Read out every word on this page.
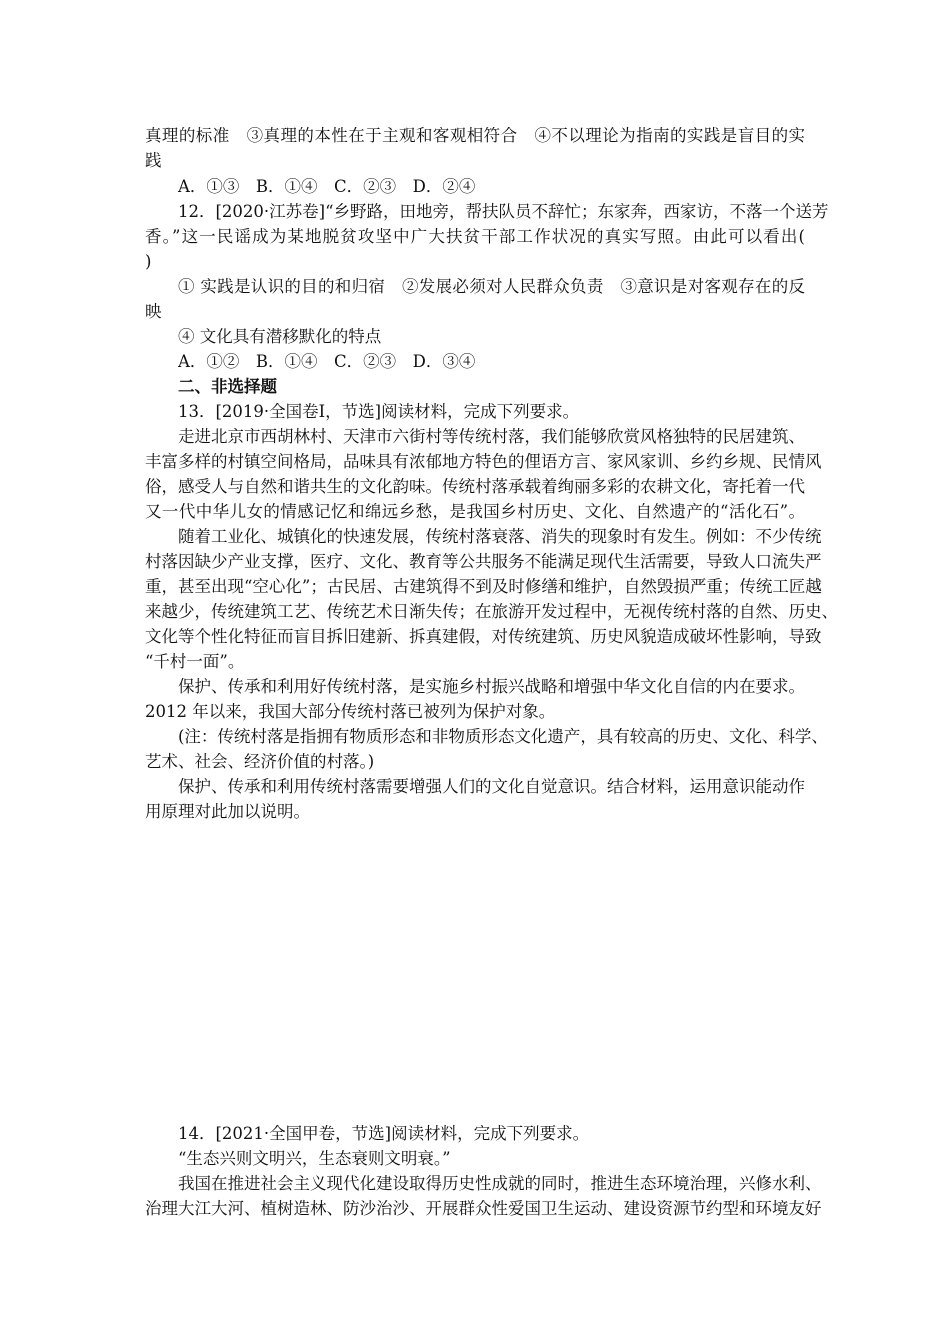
真理的标准　③真理的本性在于主观和客观相符合　④不以理论为指南的实践是盲目的实
践
A．①③　B．①④　C．②③　D．②④
12．[2020·江苏卷]“乡野路，田地旁，帮扶队员不辞忙；东家奔，西家访，不落一个送芳
香。”这一民谣成为某地脱贫攻坚中广大扶贫干部工作状况的真实写照。由此可以看出(
)
① 实践是认识的目的和归宿　②发展必须对人民群众负责　③意识是对客观存在的反
映
④ 文化具有潜移默化的特点
A．①②　B．①④　C．②③　D．③④
二、非选择题
13．[2019·全国卷Ⅰ，节选]阅读材料，完成下列要求。
走进北京市西胡林村、天津市六街村等传统村落，我们能够欣赏风格独特的民居建筑、
丰富多样的村镇空间格局，品味具有浓郁地方特色的俚语方言、家风家训、乡约乡规、民情风
俗，感受人与自然和谐共生的文化韵味。传统村落承载着绚丽多彩的农耕文化，寄托着一代
又一代中华儿女的情感记忆和绵远乡愁，是我国乡村历史、文化、自然遗产的“活化石”。
随着工业化、城镇化的快速发展，传统村落衰落、消失的现象时有发生。例如：不少传统
村落因缺少产业支撑，医疗、文化、教育等公共服务不能满足现代生活需要，导致人口流失严
重，甚至出现“空心化”；古民居、古建筑得不到及时修缮和维护，自然毁损严重；传统工匠越
来越少，传统建筑工艺、传统艺术日渐失传；在旅游开发过程中，无视传统村落的自然、历史、
文化等个性化特征而盲目拆旧建新、拆真建假，对传统建筑、历史风貌造成破坏性影响，导致
“千村一面”。
保护、传承和利用好传统村落，是实施乡村振兴战略和增强中华文化自信的内在要求。
2012 年以来，我国大部分传统村落已被列为保护对象。
(注：传统村落是指拥有物质形态和非物质形态文化遗产，具有较高的历史、文化、科学、
艺术、社会、经济价值的村落。)
保护、传承和利用传统村落需要增强人们的文化自觉意识。结合材料，运用意识能动作
用原理对此加以说明。
14．[2021·全国甲卷，节选]阅读材料，完成下列要求。
“生态兴则文明兴，生态衰则文明衰。”
我国在推进社会主义现代化建设取得历史性成就的同时，推进生态环境治理，兴修水利、
治理大江大河、植树造林、防沙治沙、开展群众性爱国卫生运动、建设资源节约型和环境友好
